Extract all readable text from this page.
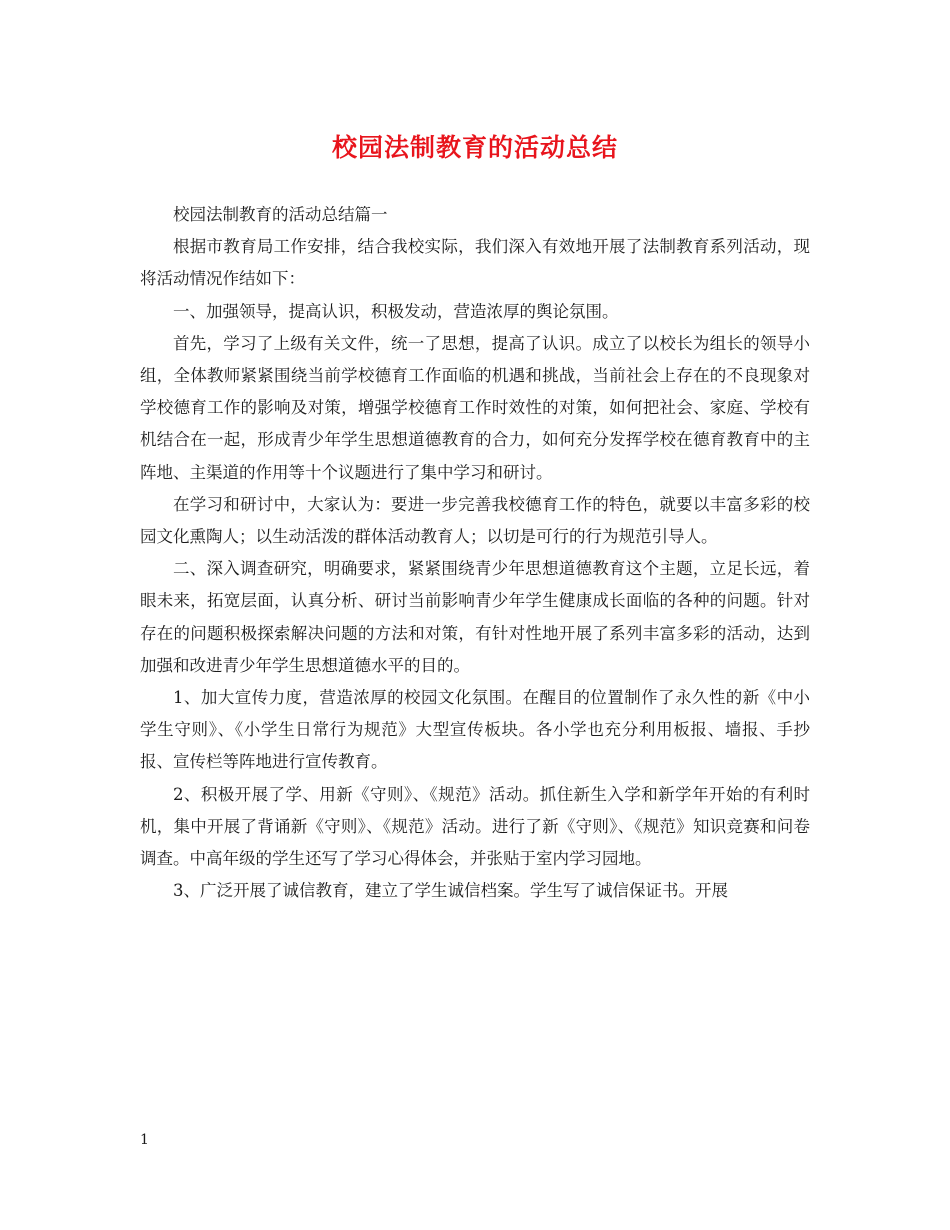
校园法制教育的活动总结

校园法制教育的活动总结篇一

根据市教育局工作安排，结合我校实际，我们深入有效地开展了法制教育系列活动，现将活动情况作结如下：

一、加强领导，提高认识，积极发动，营造浓厚的舆论氛围。

首先，学习了上级有关文件，统一了思想，提高了认识。成立了以校长为组长的领导小组，全体教师紧紧围绕当前学校德育工作面临的机遇和挑战，当前社会上存在的不良现象对学校德育工作的影响及对策，增强学校德育工作时效性的对策，如何把社会、家庭、学校有机结合在一起，形成青少年学生思想道德教育的合力，如何充分发挥学校在德育教育中的主阵地、主渠道的作用等十个议题进行了集中学习和研讨。

在学习和研讨中，大家认为：要进一步完善我校德育工作的特色，就要以丰富多彩的校园文化熏陶人；以生动活泼的群体活动教育人；以切是可行的行为规范引导人。

二、深入调查研究，明确要求，紧紧围绕青少年思想道德教育这个主题，立足长远，着眼未来，拓宽层面，认真分析、研讨当前影响青少年学生健康成长面临的各种的问题。针对存在的问题积极探索解决问题的方法和对策，有针对性地开展了系列丰富多彩的活动，达到加强和改进青少年学生思想道德水平的目的。

1、加大宣传力度，营造浓厚的校园文化氛围。在醒目的位置制作了永久性的新《中小学生守则》、《小学生日常行为规范》大型宣传板块。各小学也充分利用板报、墙报、手抄报、宣传栏等阵地进行宣传教育。

2、积极开展了学、用新《守则》、《规范》活动。抓住新生入学和新学年开始的有利时机，集中开展了背诵新《守则》、《规范》活动。进行了新《守则》、《规范》知识竞赛和问卷调查。中高年级的学生还写了学习心得体会，并张贴于室内学习园地。

3、广泛开展了诚信教育，建立了学生诚信档案。学生写了诚信保证书。开展

1
